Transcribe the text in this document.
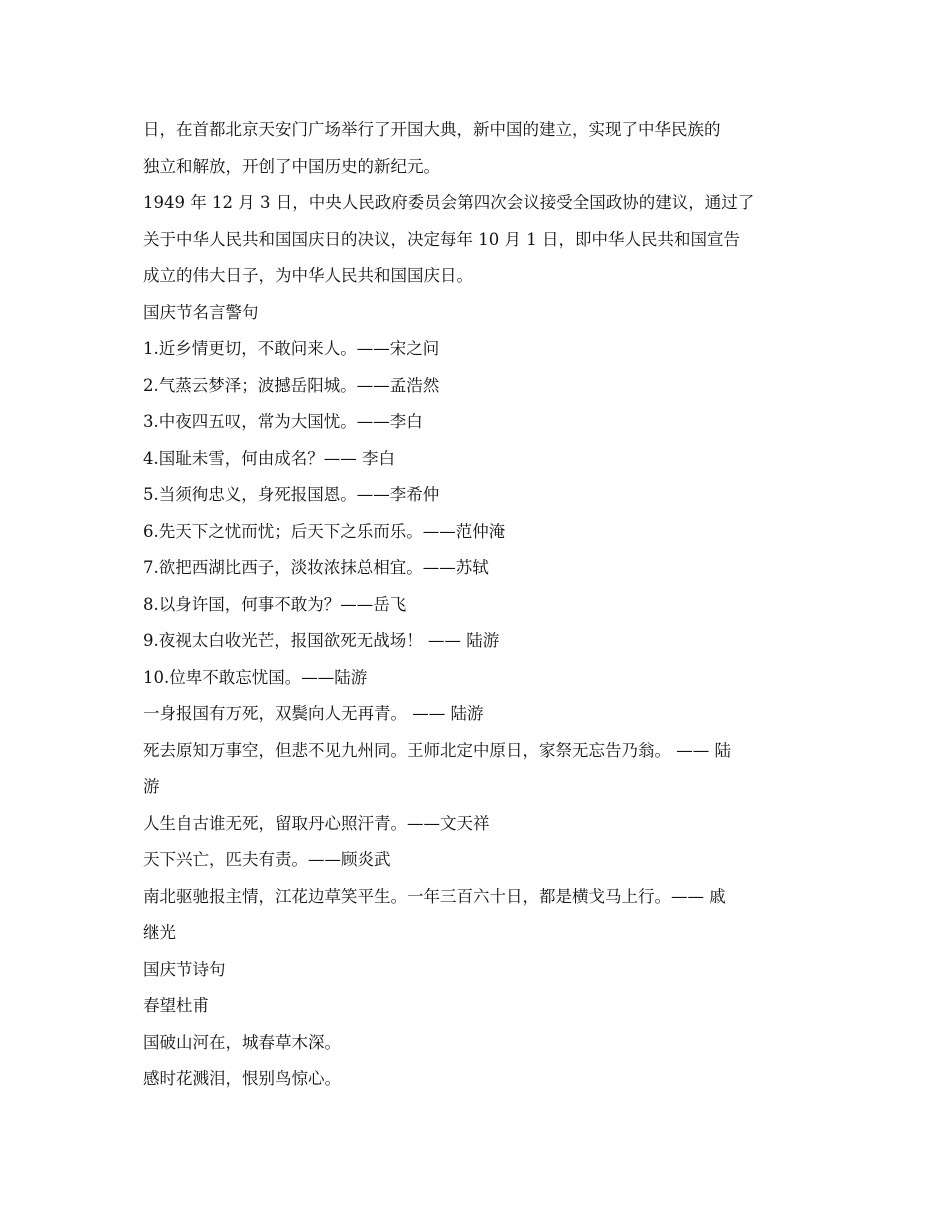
日，在首都北京天安门广场举行了开国大典，新中国的建立，实现了中华民族的
独立和解放，开创了中国历史的新纪元。
1949 年 12 月 3 日，中央人民政府委员会第四次会议接受全国政协的建议，通过了
关于中华人民共和国国庆日的决议，决定每年 10 月 1 日，即中华人民共和国宣告
成立的伟大日子，为中华人民共和国国庆日。
国庆节名言警句
1.近乡情更切，不敢问来人。——宋之问
2.气蒸云梦泽；波撼岳阳城。——孟浩然
3.中夜四五叹，常为大国忧。——李白
4.国耻未雪，何由成名？—— 李白
5.当须徇忠义，身死报国恩。——李希仲
6.先天下之忧而忧；后天下之乐而乐。——范仲淹
7.欲把西湖比西子，淡妆浓抹总相宜。——苏轼
8.以身许国，何事不敢为？——岳飞
9.夜视太白收光芒，报国欲死无战场！ —— 陆游
10.位卑不敢忘忧国。——陆游
一身报国有万死，双鬓向人无再青。 —— 陆游
死去原知万事空，但悲不见九州同。王师北定中原日，家祭无忘告乃翁。 —— 陆
游
人生自古谁无死，留取丹心照汗青。——文天祥
天下兴亡，匹夫有责。——顾炎武
南北驱驰报主情，江花边草笑平生。一年三百六十日，都是横戈马上行。—— 戚
继光
国庆节诗句
春望杜甫
国破山河在，城春草木深。
感时花溅泪，恨别鸟惊心。
